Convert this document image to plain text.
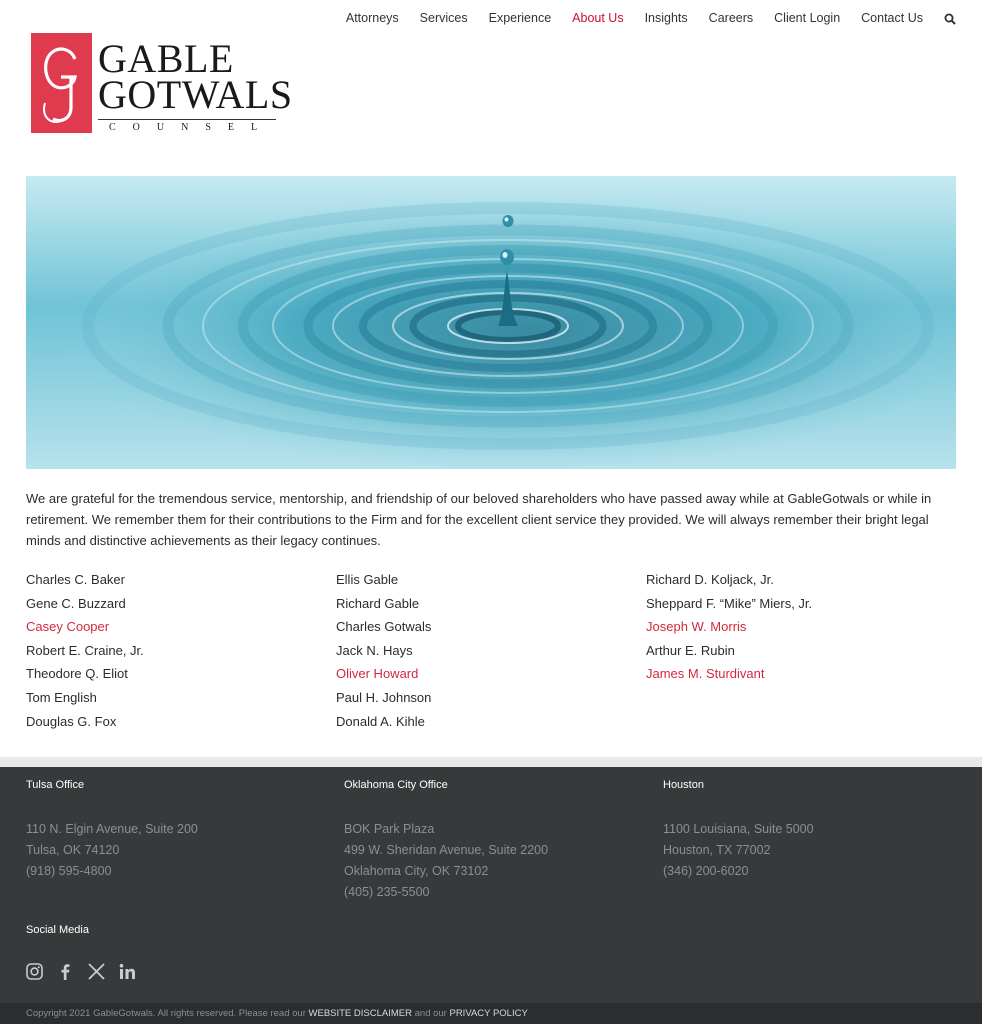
Attorneys Services Experience About Us Insights Careers Client Login Contact Us
GABLE
GOTWALS
COUNSEL

We are grateful for the tremendous service, mentorship, and friendship of our beloved shareholders who have passed away while at GableGotwals or while in retirement. We remember them for their contributions to the Firm and for the excellent client service they provided. We will always remember their bright legal minds and distinctive achievements as their legacy continues.

Charles C. Baker
Gene C. Buzzard
Casey Cooper
Robert E. Craine, Jr.
Theodore Q. Eliot
Tom English
Douglas G. Fox
Ellis Gable
Richard Gable
Charles Gotwals
Jack N. Hays
Oliver Howard
Paul H. Johnson
Donald A. Kihle
Richard D. Koljack, Jr.
Sheppard F. “Mike” Miers, Jr.
Joseph W. Morris
Arthur E. Rubin
James M. Sturdivant
Tulsa Office
110 N. Elgin Avenue, Suite 200
Tulsa, OK 74120
(918) 595-4800
Oklahoma City Office
BOK Park Plaza
499 W. Sheridan Avenue, Suite 2200
Oklahoma City, OK 73102
(405) 235-5500
Houston
1100 Louisiana, Suite 5000
Houston, TX 77002
(346) 200-6020
Social Media
Copyright 2021 GableGotwals. All rights reserved. Please read our WEBSITE DISCLAIMER and our PRIVACY POLICY
